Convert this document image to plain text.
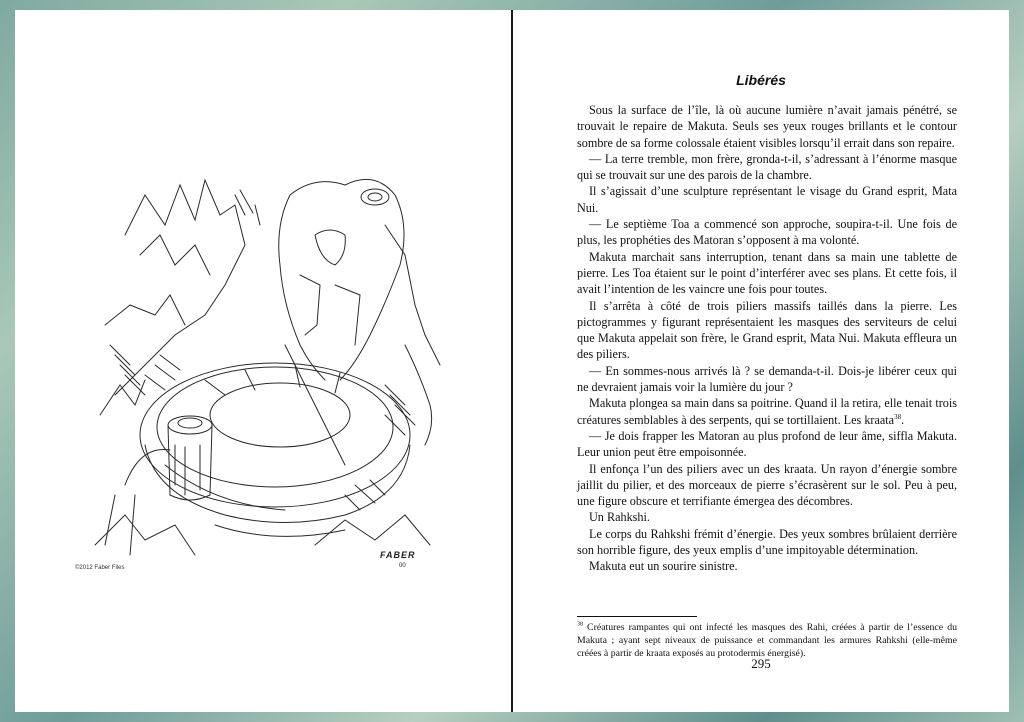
©2012 Faber Files
FABER
00
Libérés

Sous la surface de l’île, là où aucune lumière n’avait jamais pénétré, se trouvait le repaire de Makuta. Seuls ses yeux rouges brillants et le contour sombre de sa forme colossale étaient visibles lorsqu’il errait dans son repaire.

— La terre tremble, mon frère, gronda-t-il, s’adressant à l’énorme masque qui se trouvait sur une des parois de la chambre.

Il s’agissait d’une sculpture représentant le visage du Grand esprit, Mata Nui.

— Le septième Toa a commencé son approche, soupira-t-il. Une fois de plus, les prophéties des Matoran s’opposent à ma volonté.

Makuta marchait sans interruption, tenant dans sa main une tablette de pierre. Les Toa étaient sur le point d’interférer avec ses plans. Et cette fois, il avait l’intention de les vaincre une fois pour toutes.

Il s’arrêta à côté de trois piliers massifs taillés dans la pierre. Les pictogrammes y figurant représentaient les masques des serviteurs de celui que Makuta appelait son frère, le Grand esprit, Mata Nui. Makuta effleura un des piliers.

— En sommes-nous arrivés là ? se demanda-t-il. Dois-je libérer ceux qui ne devraient jamais voir la lumière du jour ?

Makuta plongea sa main dans sa poitrine. Quand il la retira, elle tenait trois créatures semblables à des serpents, qui se tortillaient. Les kraata$^{38}$.

— Je dois frapper les Matoran au plus profond de leur âme, siffla Makuta. Leur union peut être empoisonnée.

Il enfonça l’un des piliers avec un des kraata. Un rayon d’énergie sombre jaillit du pilier, et des morceaux de pierre s’écrasèrent sur le sol. Peu à peu, une figure obscure et terrifiante émergea des décombres.

Un Rahkshi.

Le corps du Rahkshi frémit d’énergie. Des yeux sombres brûlaient derrière son horrible figure, des yeux emplis d’une impitoyable détermination.

Makuta eut un sourire sinistre.

$^{38}$ Créatures rampantes qui ont infecté les masques des Rahi, créées à partir de l’essence du Makuta ; ayant sept niveaux de puissance et commandant les armures Rahkshi (elle-même créées à partir de kraata exposés au protodermis énergisé).
295
